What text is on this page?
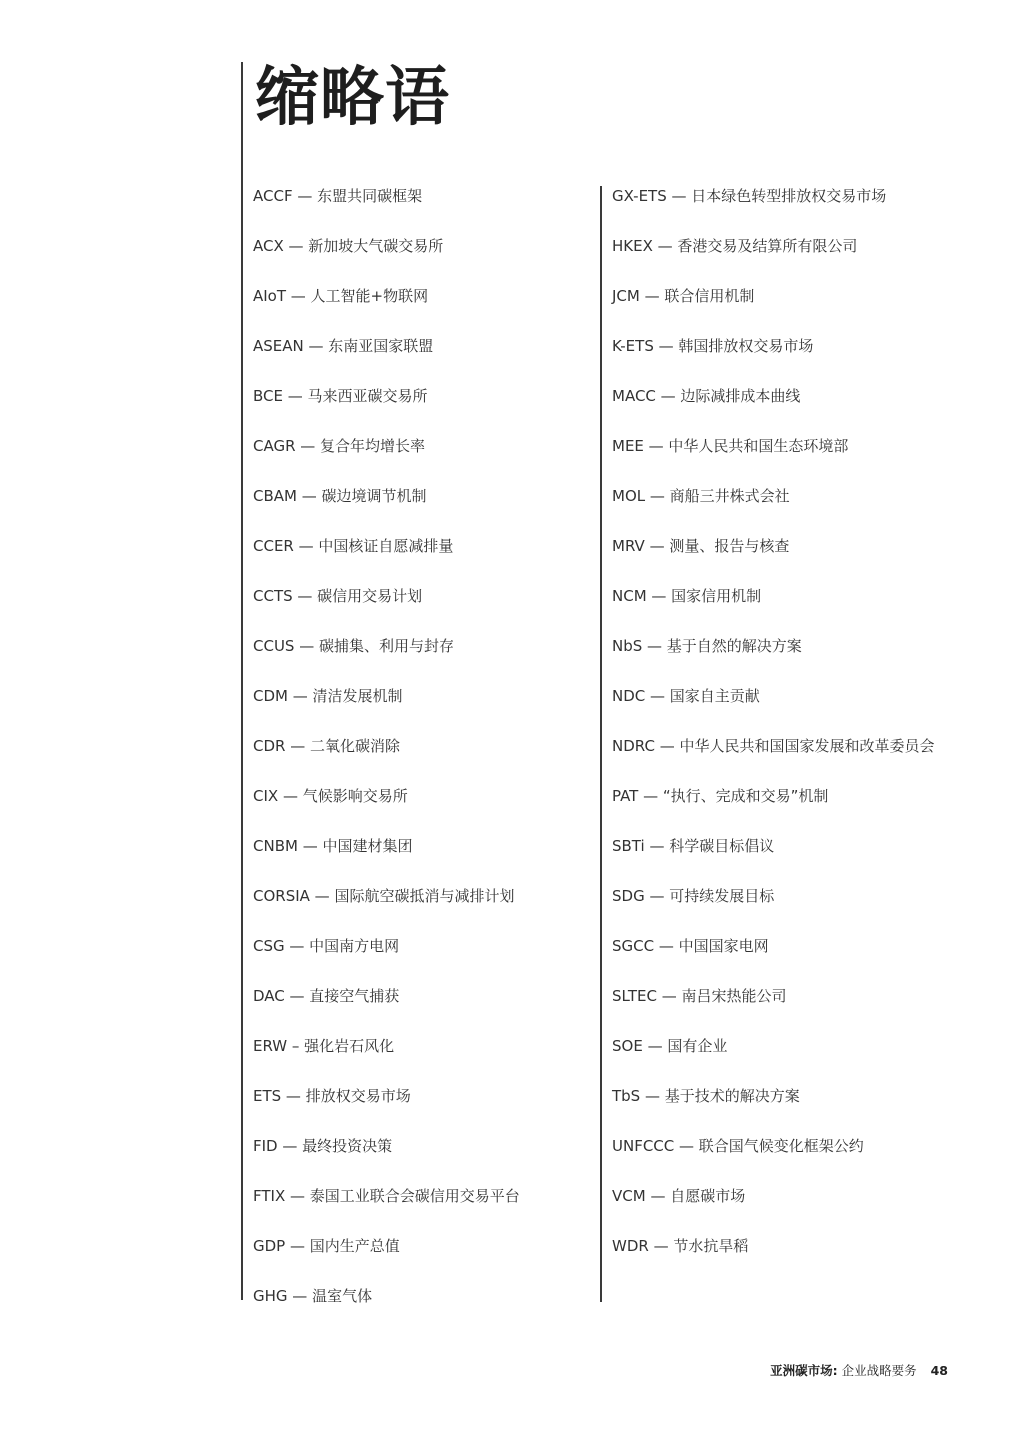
缩略语
ACCF — 东盟共同碳框架
ACX — 新加坡大气碳交易所
AIoT — 人工智能+物联网
ASEAN — 东南亚国家联盟
BCE — 马来西亚碳交易所
CAGR — 复合年均增长率
CBAM — 碳边境调节机制
CCER — 中国核证自愿减排量
CCTS — 碳信用交易计划
CCUS — 碳捕集、利用与封存
CDM — 清洁发展机制
CDR — 二氧化碳消除
CIX — 气候影响交易所
CNBM — 中国建材集团
CORSIA — 国际航空碳抵消与减排计划
CSG — 中国南方电网
DAC — 直接空气捕获
ERW – 强化岩石风化
ETS — 排放权交易市场
FID — 最终投资决策
FTIX — 泰国工业联合会碳信用交易平台
GDP — 国内生产总值
GHG — 温室气体
GX-ETS — 日本绿色转型排放权交易市场
HKEX — 香港交易及结算所有限公司
JCM — 联合信用机制
K-ETS — 韩国排放权交易市场
MACC — 边际减排成本曲线
MEE — 中华人民共和国生态环境部
MOL — 商船三井株式会社
MRV — 测量、报告与核查
NCM — 国家信用机制
NbS — 基于自然的解决方案
NDC — 国家自主贡献
NDRC — 中华人民共和国国家发展和改革委员会
PAT — “执行、完成和交易”机制
SBTi — 科学碳目标倡议
SDG — 可持续发展目标
SGCC — 中国国家电网
SLTEC — 南吕宋热能公司
SOE — 国有企业
TbS — 基于技术的解决方案
UNFCCC — 联合国气候变化框架公约
VCM — 自愿碳市场
WDR — 节水抗旱稻
亚洲碳市场: 企业战略要务 48
